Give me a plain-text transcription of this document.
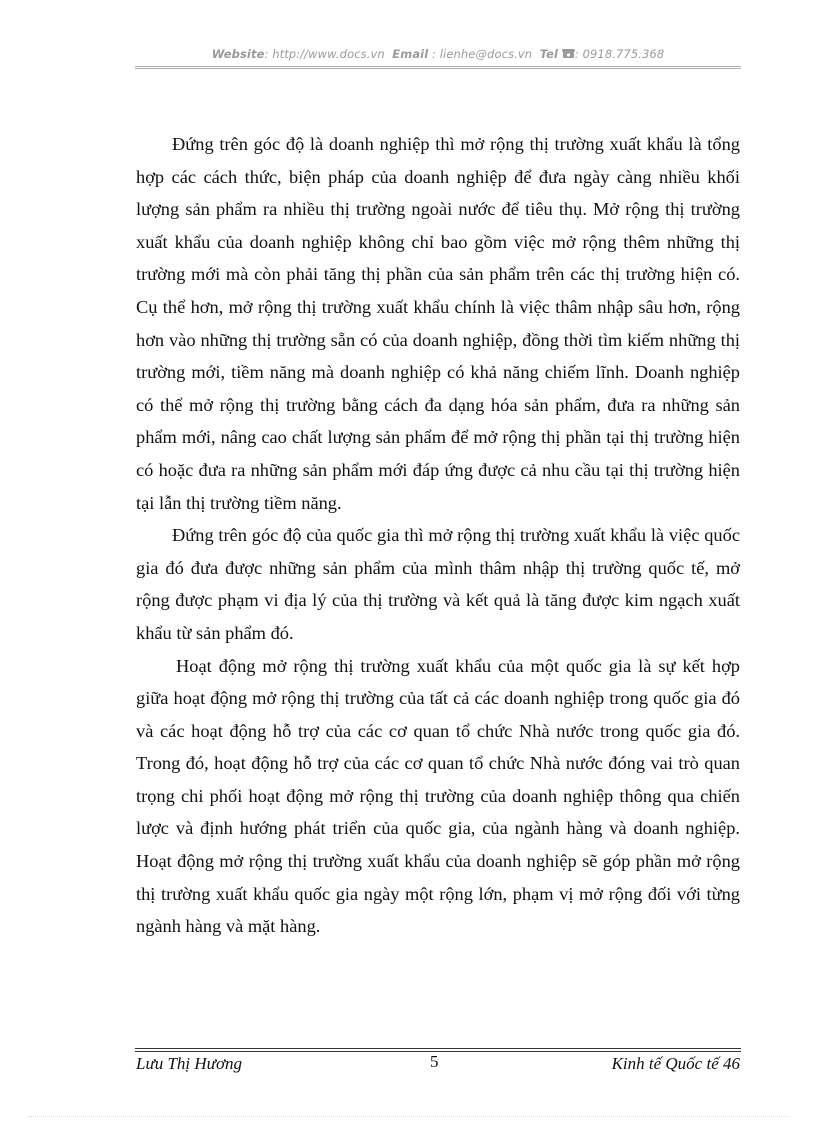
Website: http://www.docs.vn Email : lienhe@docs.vn Tel : 0918.775.368

Đứng trên góc độ là doanh nghiệp thì mở rộng thị trường xuất khẩu là tổng hợp các cách thức, biện pháp của doanh nghiệp để đưa ngày càng nhiều khối lượng sản phẩm ra nhiều thị trường ngoài nước để tiêu thụ. Mở rộng thị trường xuất khẩu của doanh nghiệp không chỉ bao gồm việc mở rộng thêm những thị trường mới mà còn phải tăng thị phần của sản phẩm trên các thị trường hiện có. Cụ thể hơn, mở rộng thị trường xuất khẩu chính là việc thâm nhập sâu hơn, rộng hơn vào những thị trường sẵn có của doanh nghiệp, đồng thời tìm kiếm những thị trường mới, tiềm năng mà doanh nghiệp có khả năng chiếm lĩnh. Doanh nghiệp có thể mở rộng thị trường bằng cách đa dạng hóa sản phẩm, đưa ra những sản phẩm mới, nâng cao chất lượng sản phẩm để mở rộng thị phần tại thị trường hiện có hoặc đưa ra những sản phẩm mới đáp ứng được cả nhu cầu tại thị trường hiện tại lẫn thị trường tiềm năng.

Đứng trên góc độ của quốc gia thì mở rộng thị trường xuất khẩu là việc quốc gia đó đưa được những sản phẩm của mình thâm nhập thị trường quốc tế, mở rộng được phạm vi địa lý của thị trường và kết quả là tăng được kim ngạch xuất khẩu từ sản phẩm đó.

Hoạt động mở rộng thị trường xuất khẩu của một quốc gia là sự kết hợp giữa hoạt động mở rộng thị trường của tất cả các doanh nghiệp trong quốc gia đó và các hoạt động hỗ trợ của các cơ quan tổ chức Nhà nước trong quốc gia đó. Trong đó, hoạt động hỗ trợ của các cơ quan tổ chức Nhà nước đóng vai trò quan trọng chi phối hoạt động mở rộng thị trường của doanh nghiệp thông qua chiến lược và định hướng phát triển của quốc gia, của ngành hàng và doanh nghiệp. Hoạt động mở rộng thị trường xuất khẩu của doanh nghiệp sẽ góp phần mở rộng thị trường xuất khẩu quốc gia ngày một rộng lớn, phạm vị mở rộng đối với từng ngành hàng và mặt hàng.

Lưu Thị Hương	5	Kinh tế Quốc tế 46
